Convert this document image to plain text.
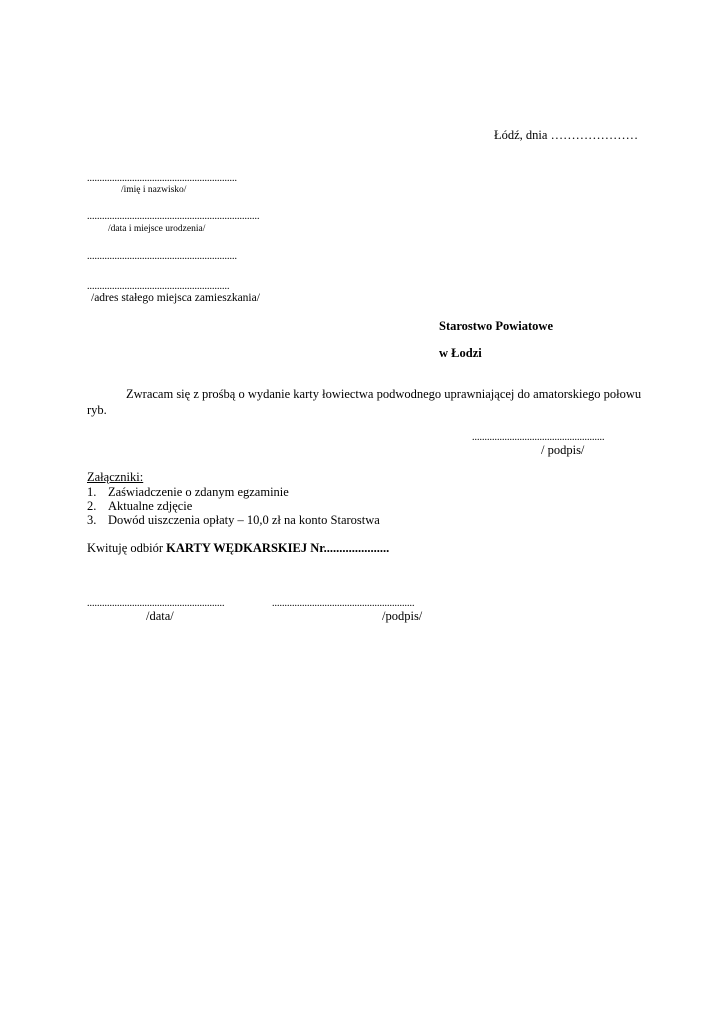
Łódź, dnia …………………
............................................................
/imię i nazwisko/
.....................................................................
/data i miejsce urodzenia/
............................................................
.........................................................
/adres stałego miejsca zamieszkania/
Starostwo Powiatowe
w Łodzi
Zwracam się z prośbą o wydanie karty łowiectwa podwodnego uprawniającej do amatorskiego połowu ryb.
.....................................................
/ podpis/
Załączniki:
1. Zaświadczenie o zdanym egzaminie
2. Aktualne zdjęcie
3. Dowód uiszczenia opłaty – 10,0 zł na konto Starostwa
Kwituję odbiór KARTY WĘDKARSKIEJ Nr.....................
.......................................................
/data/
.........................................................
/podpis/
